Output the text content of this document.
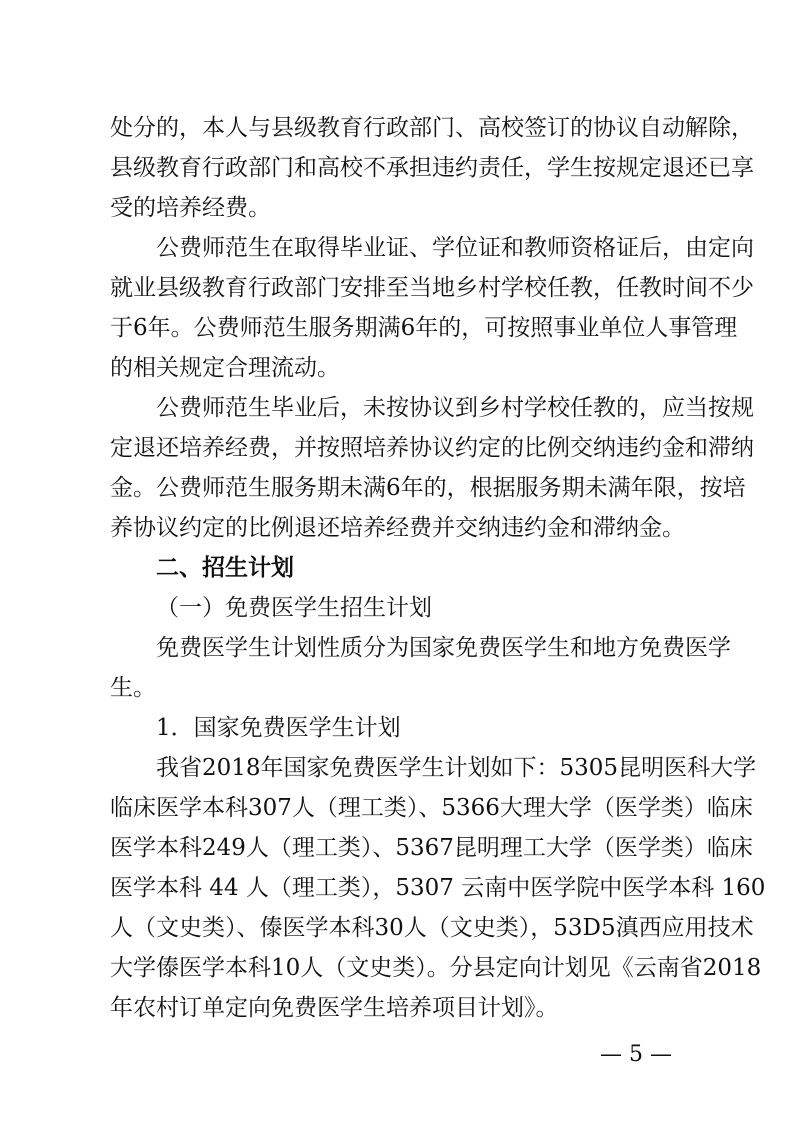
处分的，本人与县级教育行政部门、高校签订的协议自动解除，
县级教育行政部门和高校不承担违约责任，学生按规定退还已享
受的培养经费。
公费师范生在取得毕业证、学位证和教师资格证后，由定向
就业县级教育行政部门安排至当地乡村学校任教，任教时间不少
于6年。公费师范生服务期满6年的，可按照事业单位人事管理
的相关规定合理流动。
公费师范生毕业后，未按协议到乡村学校任教的，应当按规
定退还培养经费，并按照培养协议约定的比例交纳违约金和滞纳
金。公费师范生服务期未满6年的，根据服务期未满年限，按培
养协议约定的比例退还培养经费并交纳违约金和滞纳金。
二、招生计划
（一）免费医学生招生计划
免费医学生计划性质分为国家免费医学生和地方免费医学
生。
1．国家免费医学生计划
我省2018年国家免费医学生计划如下：5305昆明医科大学
临床医学本科307人（理工类）、5366大理大学（医学类）临床
医学本科249人（理工类）、5367昆明理工大学（医学类）临床
医学本科 44 人（理工类），5307 云南中医学院中医学本科 160
人（文史类）、傣医学本科30人（文史类），53D5滇西应用技术
大学傣医学本科10人（文史类）。分县定向计划见《云南省2018
年农村订单定向免费医学生培养项目计划》。
— 5 —
